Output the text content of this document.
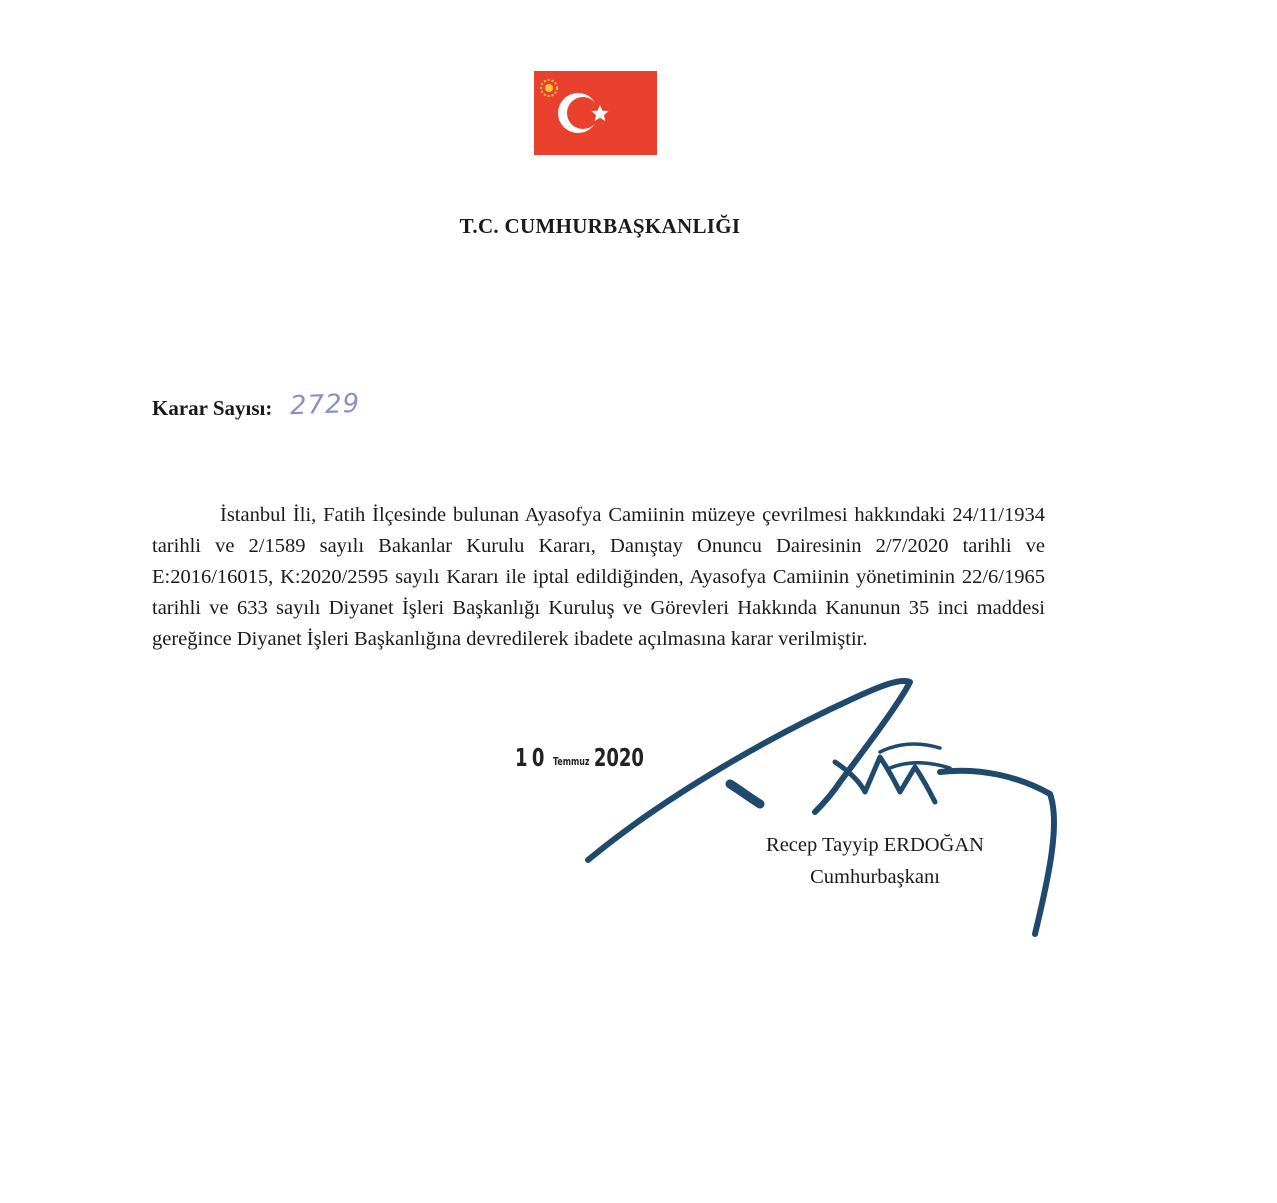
T.C. CUMHURBAŞKANLIĞI
Karar Sayısı: 2729

İstanbul İli, Fatih İlçesinde bulunan Ayasofya Camiinin müzeye çevrilmesi hakkındaki 24/11/1934 tarihli ve 2/1589 sayılı Bakanlar Kurulu Kararı, Danıştay Onuncu Dairesinin 2/7/2020 tarihli ve E:2016/16015, K:2020/2595 sayılı Kararı ile iptal edildiğinden, Ayasofya Camiinin yönetiminin 22/6/1965 tarihli ve 633 sayılı Diyanet İşleri Başkanlığı Kuruluş ve Görevleri Hakkında Kanunun 35 inci maddesi gereğince Diyanet İşleri Başkanlığına devredilerek ibadete açılmasına karar verilmiştir.

10 Temmuz 2020
Recep Tayyip ERDOĞAN
Cumhurbaşkanı
